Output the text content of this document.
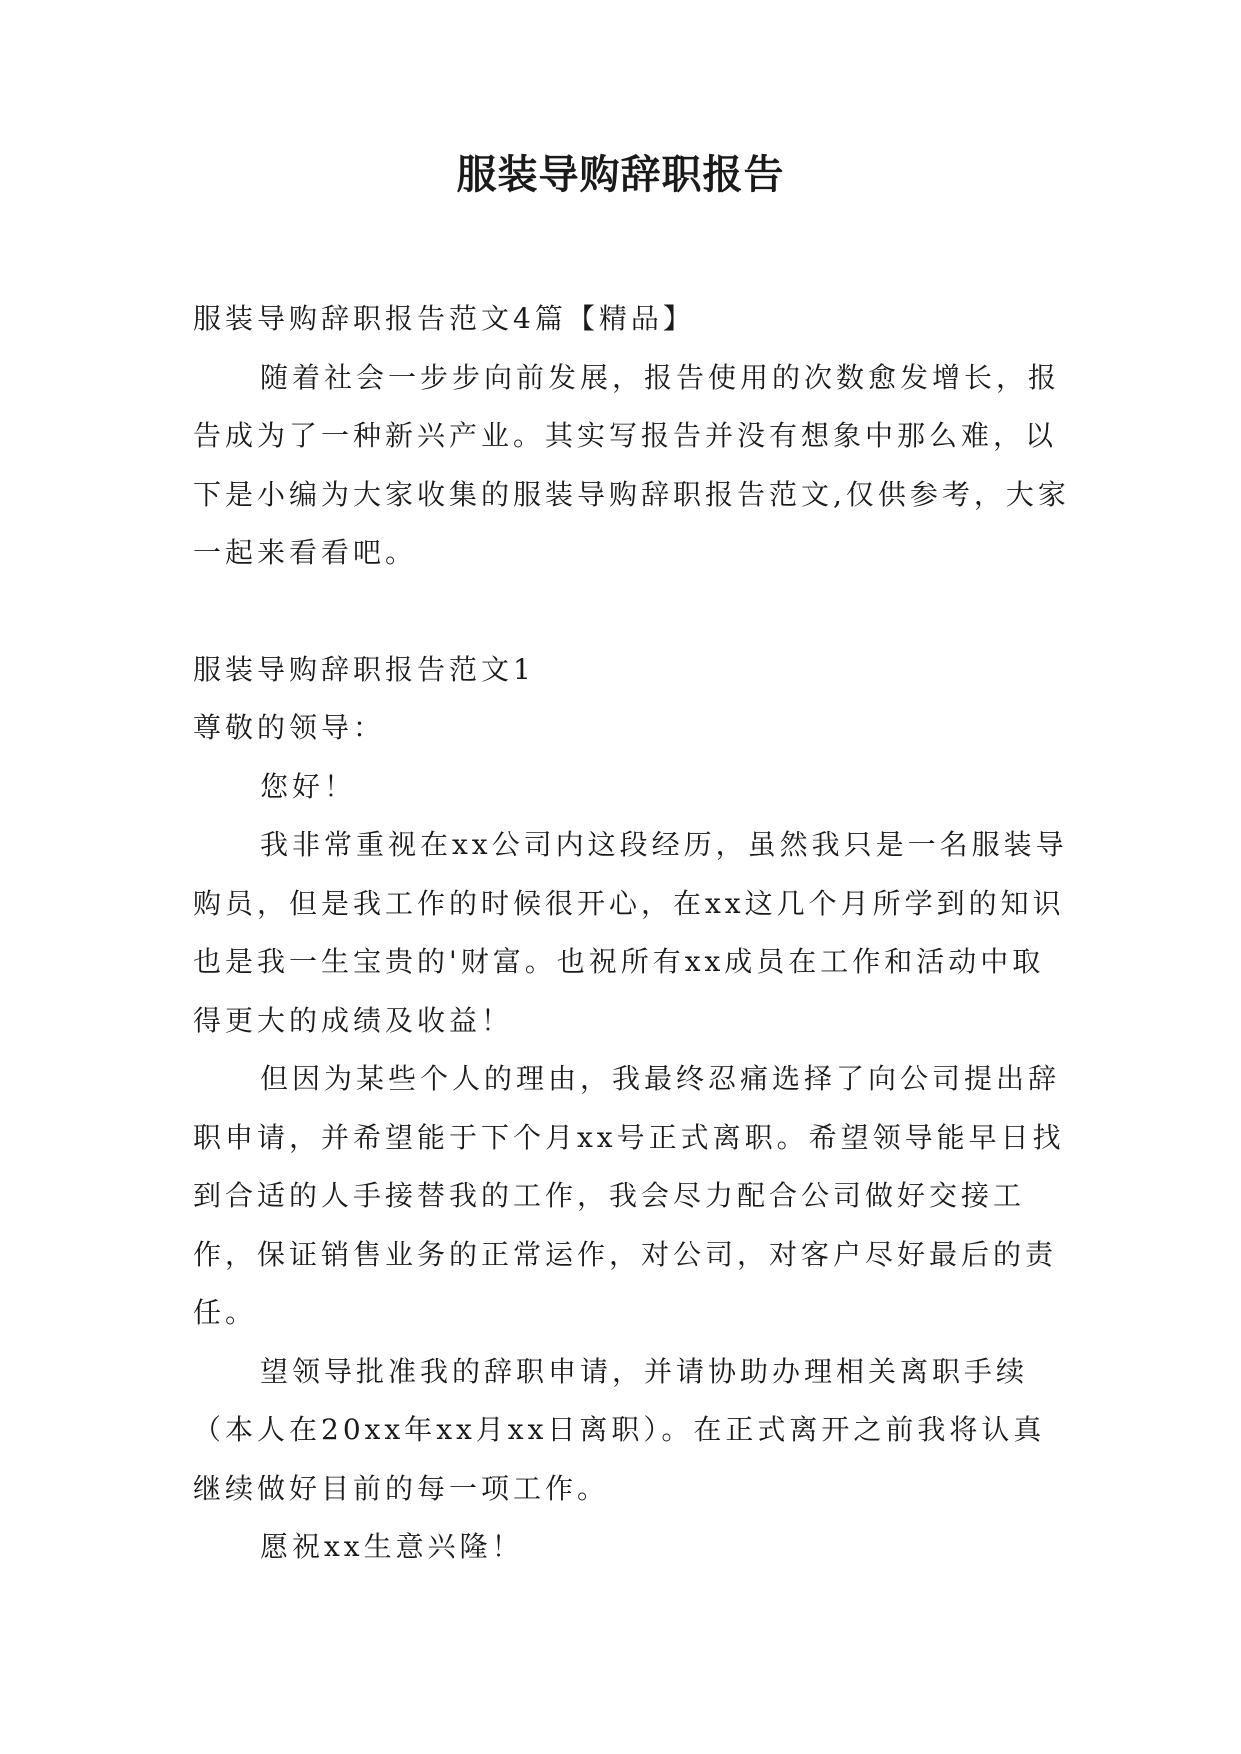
服装导购辞职报告

服装导购辞职报告范文4篇【精品】

随着社会一步步向前发展，报告使用的次数愈发增长，报告成为了一种新兴产业。其实写报告并没有想象中那么难，以下是小编为大家收集的服装导购辞职报告范文,仅供参考，大家一起来看看吧。

服装导购辞职报告范文1

尊敬的领导：

您好！

我非常重视在xx公司内这段经历，虽然我只是一名服装导购员，但是我工作的时候很开心，在xx这几个月所学到的知识也是我一生宝贵的'财富。也祝所有xx成员在工作和活动中取得更大的成绩及收益！

但因为某些个人的理由，我最终忍痛选择了向公司提出辞职申请，并希望能于下个月xx号正式离职。希望领导能早日找到合适的人手接替我的工作，我会尽力配合公司做好交接工作，保证销售业务的正常运作，对公司，对客户尽好最后的责任。

望领导批准我的辞职申请，并请协助办理相关离职手续（本人在20xx年xx月xx日离职）。在正式离开之前我将认真继续做好目前的每一项工作。

愿祝xx生意兴隆！
